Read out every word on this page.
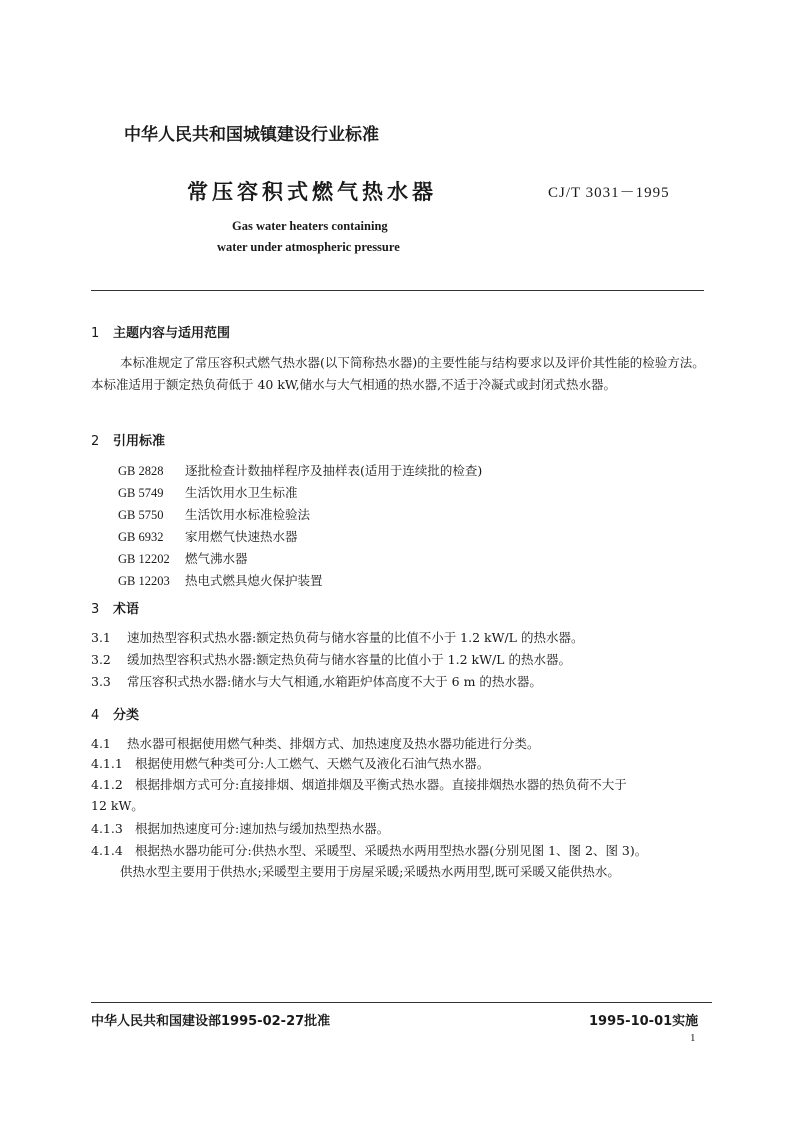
中华人民共和国城镇建设行业标准
常压容积式燃气热水器	CJ/T 3031－1995
Gas water heaters containing
water under atmospheric pressure
1 主题内容与适用范围
本标准规定了常压容积式燃气热水器(以下简称热水器)的主要性能与结构要求以及评价其性能的检验方法。本标准适用于额定热负荷低于 40 kW,储水与大气相通的热水器,不适于冷凝式或封闭式热水器。
2 引用标准
GB 2828 逐批检查计数抽样程序及抽样表(适用于连续批的检查)
GB 5749 生活饮用水卫生标准
GB 5750 生活饮用水标准检验法
GB 6932 家用燃气快速热水器
GB 12202 燃气沸水器
GB 12203 热电式燃具熄火保护装置
3 术语
3.1 速加热型容积式热水器:额定热负荷与储水容量的比值不小于 1.2 kW/L 的热水器。
3.2 缓加热型容积式热水器:额定热负荷与储水容量的比值小于 1.2 kW/L 的热水器。
3.3 常压容积式热水器:储水与大气相通,水箱距炉体高度不大于 6 m 的热水器。
4 分类
4.1 热水器可根据使用燃气种类、排烟方式、加热速度及热水器功能进行分类。
4.1.1 根据使用燃气种类可分:人工燃气、天燃气及液化石油气热水器。
4.1.2 根据排烟方式可分:直接排烟、烟道排烟及平衡式热水器。直接排烟热水器的热负荷不大于
12 kW。
4.1.3 根据加热速度可分:速加热与缓加热型热水器。
4.1.4 根据热水器功能可分:供热水型、采暖型、采暖热水两用型热水器(分别见图 1、图 2、图 3)。
供热水型主要用于供热水;采暖型主要用于房屋采暖;采暖热水两用型,既可采暖又能供热水。
中华人民共和国建设部1995-02-27批准	1995-10-01实施
1
